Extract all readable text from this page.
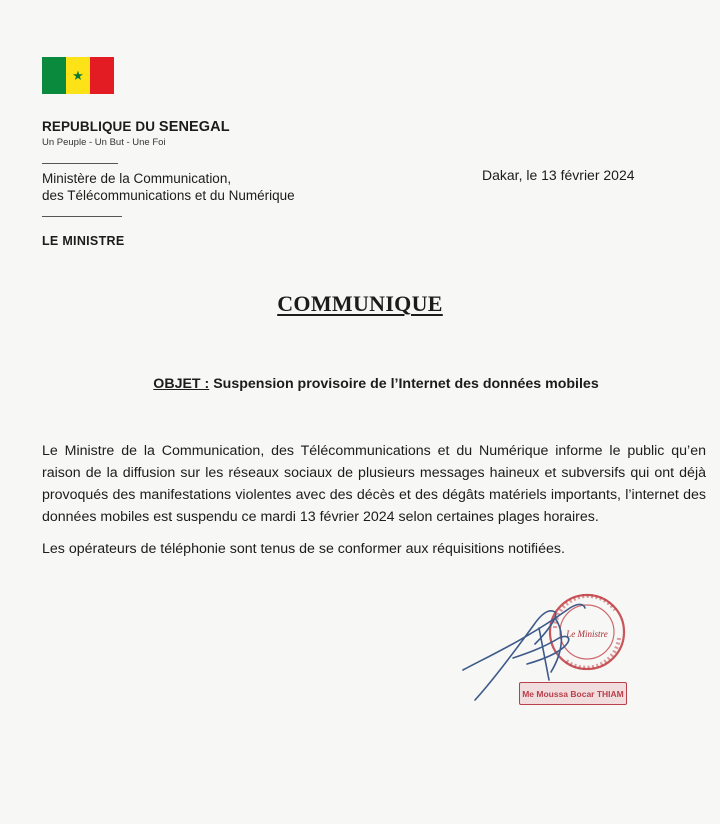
★
REPUBLIQUE DU SENEGAL
Un Peuple - Un But - Une Foi
Ministère de la Communication,
des Télécommunications et du Numérique
Dakar, le 13 février 2024
LE MINISTRE
COMMUNIQUE
OBJET : Suspension provisoire de l’Internet des données mobiles

Le Ministre de la Communication, des Télécommunications et du Numérique informe le public qu’en raison de la diffusion sur les réseaux sociaux de plusieurs messages haineux et subversifs qui ont déjà provoqués des manifestations violentes avec des décès et des dégâts matériels importants, l’internet des données mobiles est suspendu ce mardi 13 février 2024 selon certaines plages horaires.

Les opérateurs de téléphonie sont tenus de se conformer aux réquisitions notifiées.

Le Ministre
Me Moussa Bocar THIAM
